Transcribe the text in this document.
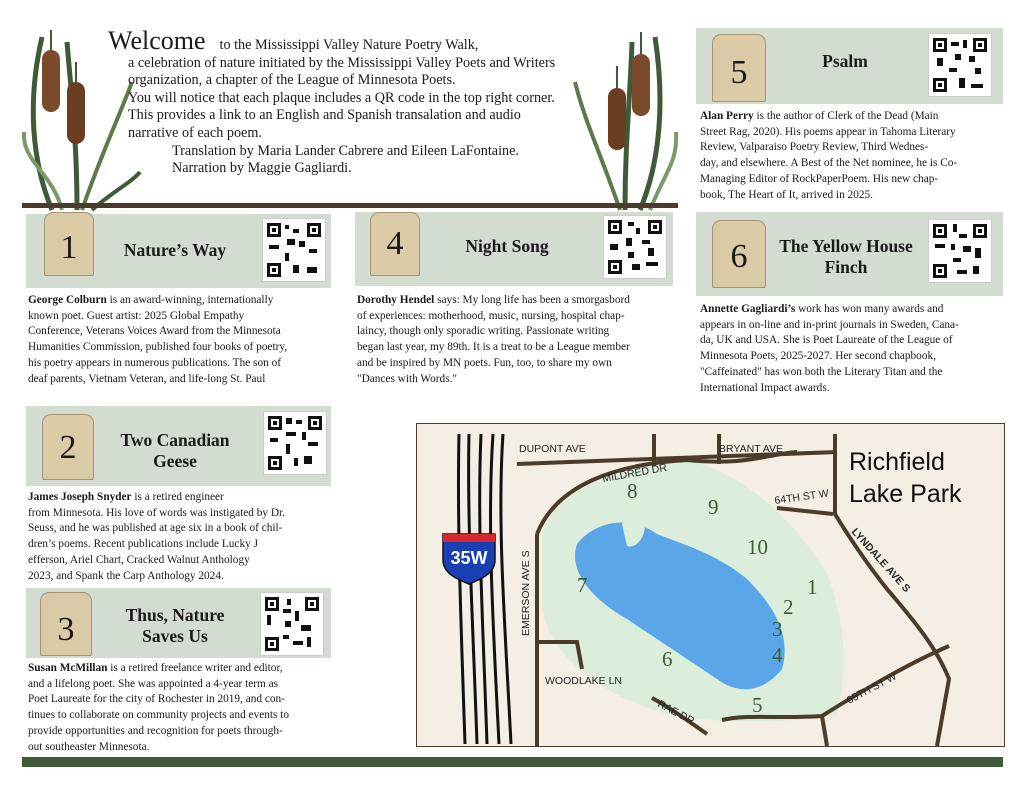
Welcome to the Mississippi Valley Nature Poetry Walk,
a celebration of nature initiated by the Mississippi Valley Poets and Writers
organization, a chapter of the League of Minnesota Poets.
You will notice that each plaque includes a QR code in the top right corner.
This provides a link to an English and Spanish transalation and audio
narrative of each poem.
Translation by Maria Lander Cabrere and Eileen LaFontaine.
Narration by Maggie Gagliardi.
1	Nature’s Way
George Colburn is an award-winning, internationally
known poet. Guest artist: 2025 Global Empathy
Conference, Veterans Voices Award from the Minnesota
Humanities Commission, published four books of poetry,
his poetry appears in numerous publications. The son of
deaf parents, Vietnam Veteran, and life-long St. Paul
4	Night Song
Dorothy Hendel says: My long life has been a smorgasbord
of experiences: motherhood, music, nursing, hospital chap-
laincy, though only sporadic writing. Passionate writing
began last year, my 89th. It is a treat to be a League member
and be inspired by MN poets. Fun, too, to share my own
"Dances with Words."
5	Psalm
Alan Perry is the author of Clerk of the Dead (Main
Street Rag, 2020). His poems appear in Tahoma Literary
Review, Valparaiso Poetry Review, Third Wednes-
day, and elsewhere. A Best of the Net nominee, he is Co-
Managing Editor of RockPaperPoem. His new chap-
book, The Heart of It, arrived in 2025.
6	The Yellow House
Finch
Annette Gagliardi’s work has won many awards and
appears in on-line and in-print journals in Sweden, Cana-
da, UK and USA. She is Poet Laureate of the League of
Minnesota Poets, 2025-2027. Her second chapbook,
"Caffeinated" has won both the Literary Titan and the
International Impact awards.
2	Two Canadian
Geese
James Joseph Snyder is a retired engineer
from Minnesota. His love of words was instigated by Dr.
Seuss, and he was published at age six in a book of chil-
dren’s poems. Recent publications include Lucky J
efferson, Ariel Chart, Cracked Walnut Anthology
2023, and Spank the Carp Anthology 2024.
3	Thus, Nature
Saves Us
Susan McMillan is a retired freelance writer and editor,
and a lifelong poet. She was appointed a 4-year term as
Poet Laureate for the city of Rochester in 2019, and con-
tinues to collaborate on community projects and events to
provide opportunities and recognition for poets through-
out southeaster Minnesota.
35W
Richfield
Lake Park
DUPONT AVE	BRYANT AVE
MILDRED DR
64TH ST W
LYNDALE AVE S
EMERSON AVE S
WOODLAKE LN
RAE DR
65TH ST W
1
2
3
4
5
6
7
8
9
10
